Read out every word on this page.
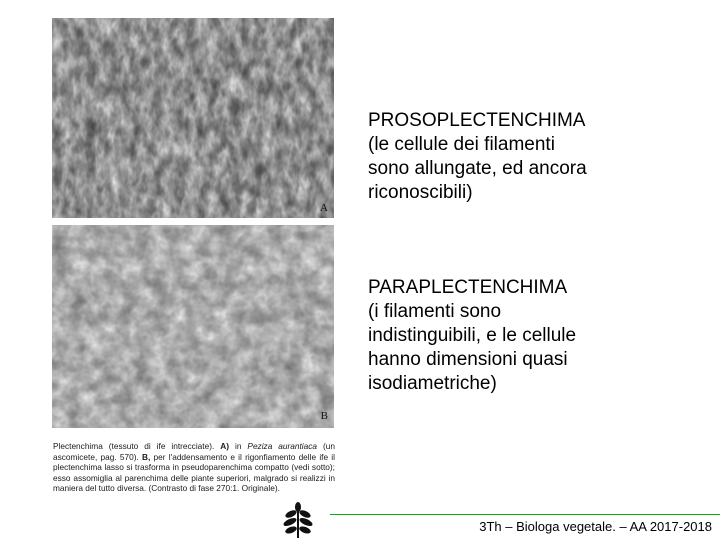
A
B
Plectenchima (tessuto di ife intrecciate). A) in Peziza aurantiaca (un ascomicete, pag. 570). B, per l'addensamento e il rigonfiamento delle ife il plectenchima lasso si trasforma in pseudoparenchima compatto (vedi sotto); esso assomiglia al parenchima delle piante superiori, malgrado si realizzi in maniera del tutto diversa. (Contrasto di fase 270:1. Originale).
PROSOPLECTENCHIMA
(le cellule dei filamenti
sono allungate, ed ancora
riconoscibili)
PARAPLECTENCHIMA
(i filamenti sono
indistinguibili, e le cellule
hanno dimensioni quasi
isodiametriche)
3Th – Biologa vegetale. – AA 2017-2018
